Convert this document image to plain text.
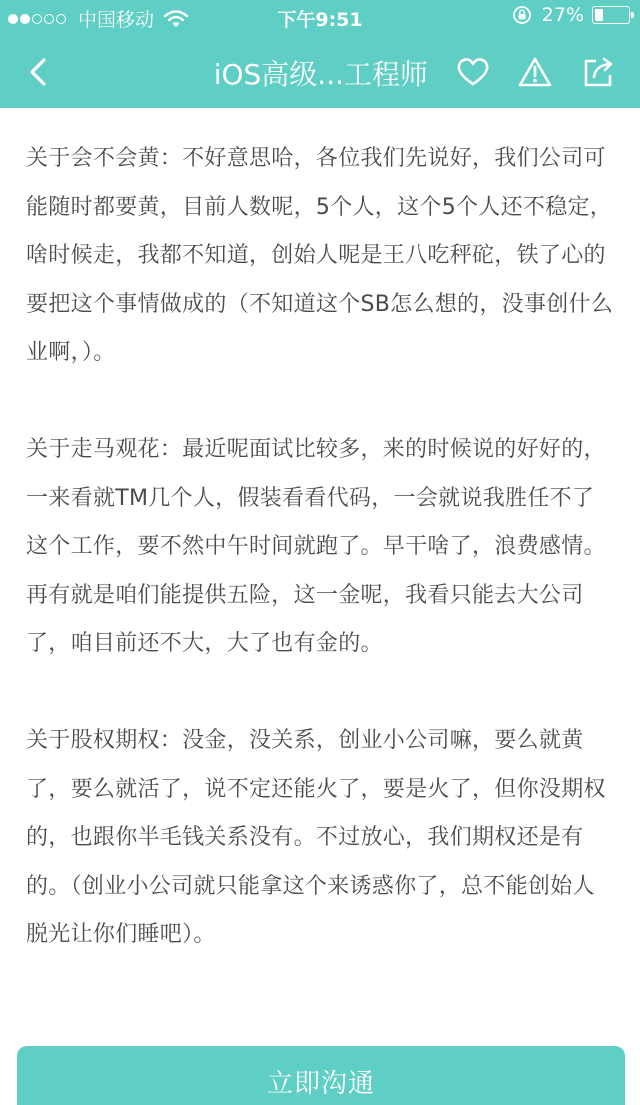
中国移动	下午9:51	27%
iOS高级...工程师

关于会不会黄：不好意思哈，各位我们先说好，我们公司可能随时都要黄，目前人数呢，5个人，这个5个人还不稳定，啥时候走，我都不知道，创始人呢是王八吃秤砣，铁了心的要把这个事情做成的（不知道这个SB怎么想的，没事创什么业啊，）。

关于走马观花：最近呢面试比较多，来的时候说的好好的，一来看就TM几个人，假装看看代码，一会就说我胜任不了这个工作，要不然中午时间就跑了。早干啥了，浪费感情。

再有就是咱们能提供五险，这一金呢，我看只能去大公司了，咱目前还不大，大了也有金的。

关于股权期权：没金，没关系，创业小公司嘛，要么就黄了，要么就活了，说不定还能火了，要是火了，但你没期权的，也跟你半毛钱关系没有。不过放心，我们期权还是有的。（创业小公司就只能拿这个来诱惑你了，总不能创始人脱光让你们睡吧）。

立即沟通
